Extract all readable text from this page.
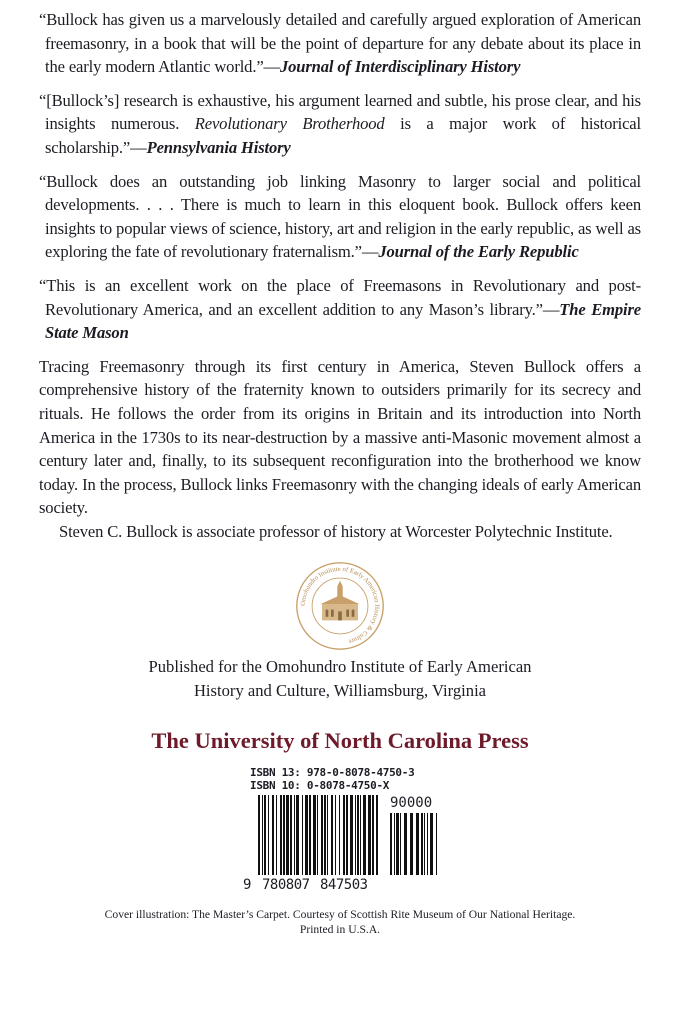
“Bullock has given us a marvelously detailed and carefully argued exploration of American freemasonry, in a book that will be the point of departure for any debate about its place in the early modern Atlantic world.”—Journal of Interdisciplinary History
“[Bullock’s] research is exhaustive, his argument learned and subtle, his prose clear, and his insights numerous. Revolutionary Brotherhood is a major work of historical scholarship.”—Pennsylvania History
“Bullock does an outstanding job linking Masonry to larger social and political developments. . . . There is much to learn in this eloquent book. Bullock offers keen insights to popular views of science, history, art and religion in the early republic, as well as exploring the fate of revolutionary fraternalism.”—Journal of the Early Republic
“This is an excellent work on the place of Freemasons in Revolutionary and post-Revolutionary America, and an excellent addition to any Mason’s library.”—The Empire State Mason
Tracing Freemasonry through its first century in America, Steven Bullock offers a comprehensive history of the fraternity known to outsiders primarily for its secrecy and rituals. He follows the order from its origins in Britain and its introduction into North America in the 1730s to its near-destruction by a massive anti-Masonic movement almost a century later and, finally, to its subsequent reconfiguration into the brotherhood we know today. In the process, Bullock links Freemasonry with the changing ideals of early American society.
Steven C. Bullock is associate professor of history at Worcester Polytechnic Institute.
Omohundro Institute of Early American History & Culture
Published for the Omohundro Institute of Early American
History and Culture, Williamsburg, Virginia
The University of North Carolina Press
ISBN 13: 978-0-8078-4750-3
ISBN 10: 0-8078-4750-X
90000
9 780807 847503
Cover illustration: The Master’s Carpet. Courtesy of Scottish Rite Museum of Our National Heritage.
Printed in U.S.A.
